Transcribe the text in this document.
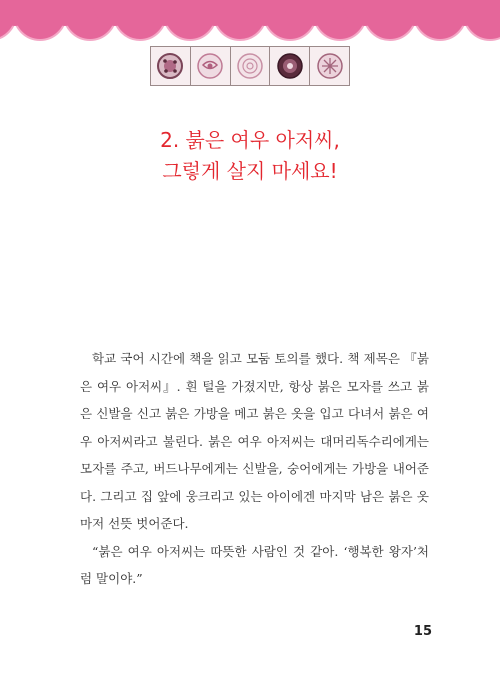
2. 붉은 여우 아저씨,
그렇게 살지 마세요!

학교 국어 시간에 책을 읽고 모둠 토의를 했다. 책 제목은 『붉은 여우 아저씨』. 흰 털을 가졌지만, 항상 붉은 모자를 쓰고 붉은 신발을 신고 붉은 가방을 메고 붉은 옷을 입고 다녀서 붉은 여우 아저씨라고 불린다. 붉은 여우 아저씨는 대머리독수리에게는 모자를 주고, 버드나무에게는 신발을, 숭어에게는 가방을 내어준다. 그리고 집 앞에 웅크리고 있는 아이에겐 마지막 남은 붉은 옷마저 선뜻 벗어준다.

“붉은 여우 아저씨는 따뜻한 사람인 것 같아. ‘행복한 왕자’처럼 말이야.”

15
